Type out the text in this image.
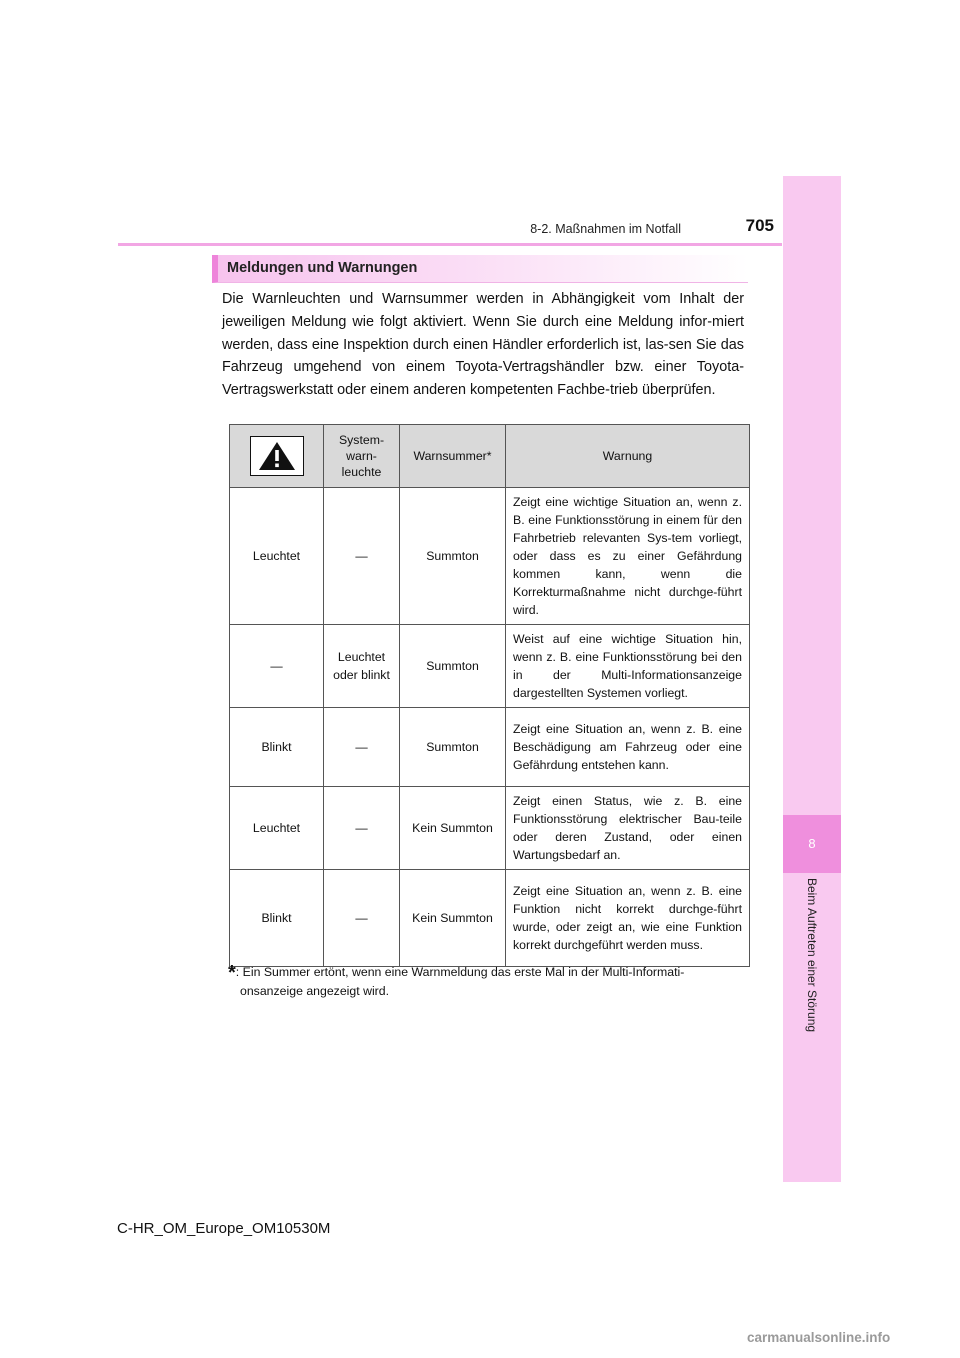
8
Beim Auftreten einer Störung
8-2. Maßnahmen im Notfall	705
Meldungen und Warnungen
Die Warnleuchten und Warnsummer werden in Abhängigkeit vom Inhalt der jeweiligen Meldung wie folgt aktiviert. Wenn Sie durch eine Meldung infor-miert werden, dass eine Inspektion durch einen Händler erforderlich ist, las-sen Sie das Fahrzeug umgehend von einem Toyota-Vertragshändler bzw. einer Toyota-Vertragswerkstatt oder einem anderen kompetenten Fachbe-trieb überprüfen.
	System-
warn-
leuchte	Warnsummer*	Warnung
Leuchtet	—	Summton	Zeigt eine wichtige Situation an, wenn z. B. eine Funktionsstörung in einem für den Fahrbetrieb relevanten Sys-tem vorliegt, oder dass es zu einer Gefährdung kommen kann, wenn die Korrekturmaßnahme nicht durchge-führt wird.
—	Leuchtet
oder blinkt	Summton	Weist auf eine wichtige Situation hin, wenn z. B. eine Funktionsstörung bei den in der Multi-Informationsanzeige dargestellten Systemen vorliegt.
Blinkt	—	Summton	Zeigt eine Situation an, wenn z. B. eine Beschädigung am Fahrzeug oder eine Gefährdung entstehen kann.
Leuchtet	—	Kein Summton	Zeigt einen Status, wie z. B. eine Funktionsstörung elektrischer Bau-teile oder deren Zustand, oder einen Wartungsbedarf an.
Blinkt	—	Kein Summton	Zeigt eine Situation an, wenn z. B. eine Funktion nicht korrekt durchge-führt wurde, oder zeigt an, wie eine Funktion korrekt durchgeführt werden muss.
*: Ein Summer ertönt, wenn eine Warnmeldung das erste Mal in der Multi-Informati-
onsanzeige angezeigt wird.
C-HR_OM_Europe_OM10530M
carmanualsonline.info
